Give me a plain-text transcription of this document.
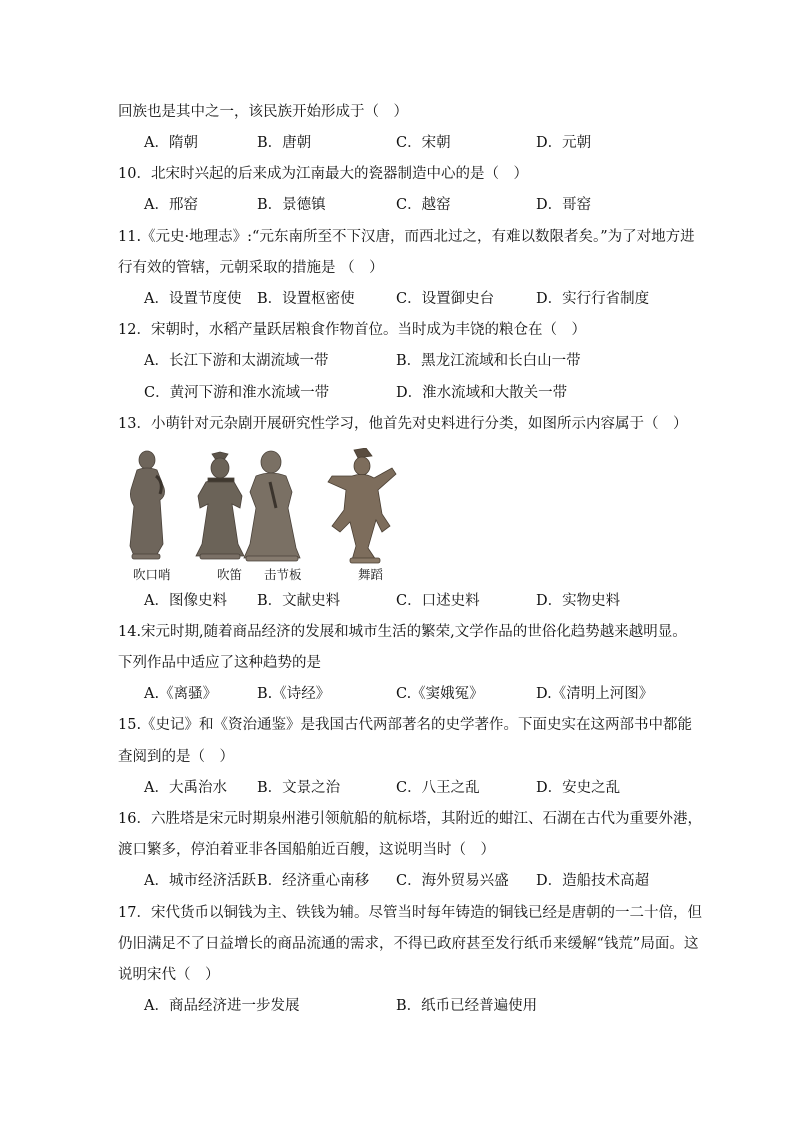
回族也是其中之一，该民族开始形成于（　）
A．隋朝	B．唐朝	C．宋朝	D．元朝
10．北宋时兴起的后来成为江南最大的瓷器制造中心的是（　）
A．邢窑	B．景德镇	C．越窑	D．哥窑
11.《元史·地理志》:“元东南所至不下汉唐，而西北过之，有难以数限者矣。”为了对地方进
行有效的管辖，元朝采取的措施是 （　）
A．设置节度使 B．设置枢密使	C．设置御史台	D．实行行省制度
12．宋朝时，水稻产量跃居粮食作物首位。当时成为丰饶的粮仓在（　）
A．长江下游和太湖流域一带	B．黑龙江流域和长白山一带
C．黄河下游和淮水流域一带	D．淮水流域和大散关一带
13．小萌针对元杂剧开展研究性学习，他首先对史料进行分类，如图所示内容属于（　）
吹口哨	吹笛 击节板	舞蹈
A．图像史料 B．文献史料	C．口述史料	D．实物史料
14.宋元时期,随着商品经济的发展和城市生活的繁荣,文学作品的世俗化趋势越来越明显。
下列作品中适应了这种趋势的是
A.《离骚》	B.《诗经》	C.《窦娥冤》	D.《清明上河图》
15.《史记》和《资治通鉴》是我国古代两部著名的史学著作。下面史实在这两部书中都能
查阅到的是（　）
A．大禹治水 B．文景之治	C．八王之乱	D．安史之乱
16．六胜塔是宋元时期泉州港引领航船的航标塔，其附近的蚶江、石湖在古代为重要外港，
渡口繁多，停泊着亚非各国船舶近百艘，这说明当时（　）
A．城市经济活跃 B．经济重心南移 C．海外贸易兴盛 D．造船技术高超
17．宋代货币以铜钱为主、铁钱为辅。尽管当时每年铸造的铜钱已经是唐朝的一二十倍，但
仍旧满足不了日益增长的商品流通的需求，不得已政府甚至发行纸币来缓解“钱荒”局面。这
说明宋代（　）
A．商品经济进一步发展	B．纸币已经普遍使用
